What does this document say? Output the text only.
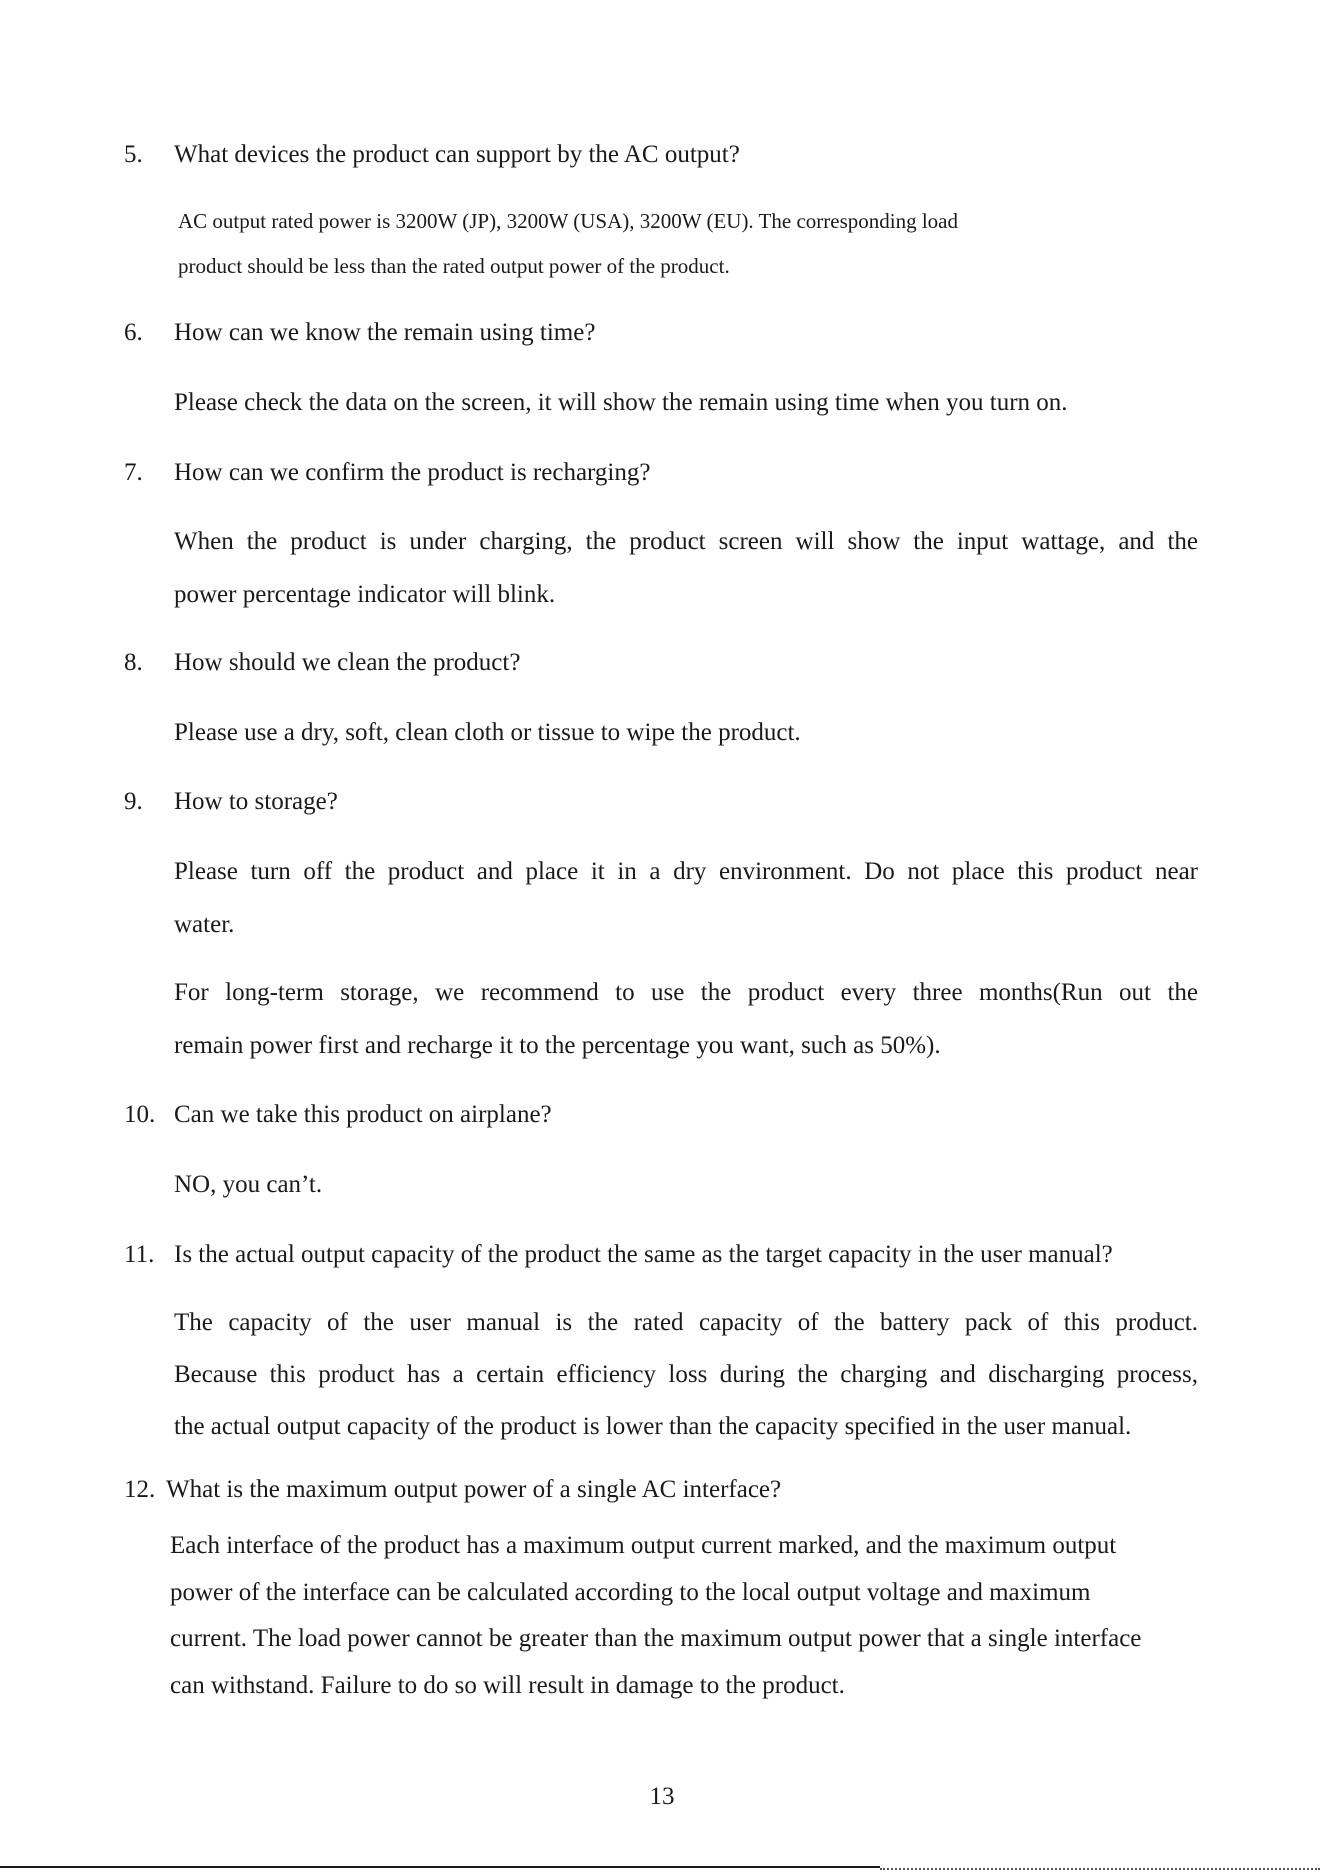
5. What devices the product can support by the AC output?
AC output rated power is 3200W (JP), 3200W (USA), 3200W (EU). The corresponding load
product should be less than the rated output power of the product.
6. How can we know the remain using time?
Please check the data on the screen, it will show the remain using time when you turn on.
7. How can we confirm the product is recharging?
When the product is under charging, the product screen will show the input wattage, and the
power percentage indicator will blink.
8. How should we clean the product?
Please use a dry, soft, clean cloth or tissue to wipe the product.
9. How to storage?
Please turn off the product and place it in a dry environment. Do not place this product near
water.
For long-term storage, we recommend to use the product every three months(Run out the
remain power first and recharge it to the percentage you want, such as 50%).
10. Can we take this product on airplane?
NO, you can’t.
11. Is the actual output capacity of the product the same as the target capacity in the user manual?
The capacity of the user manual is the rated capacity of the battery pack of this product.
Because this product has a certain efficiency loss during the charging and discharging process,
the actual output capacity of the product is lower than the capacity specified in the user manual.
12. What is the maximum output power of a single AC interface?
Each interface of the product has a maximum output current marked, and the maximum output
power of the interface can be calculated according to the local output voltage and maximum
current. The load power cannot be greater than the maximum output power that a single interface
can withstand. Failure to do so will result in damage to the product.
13
